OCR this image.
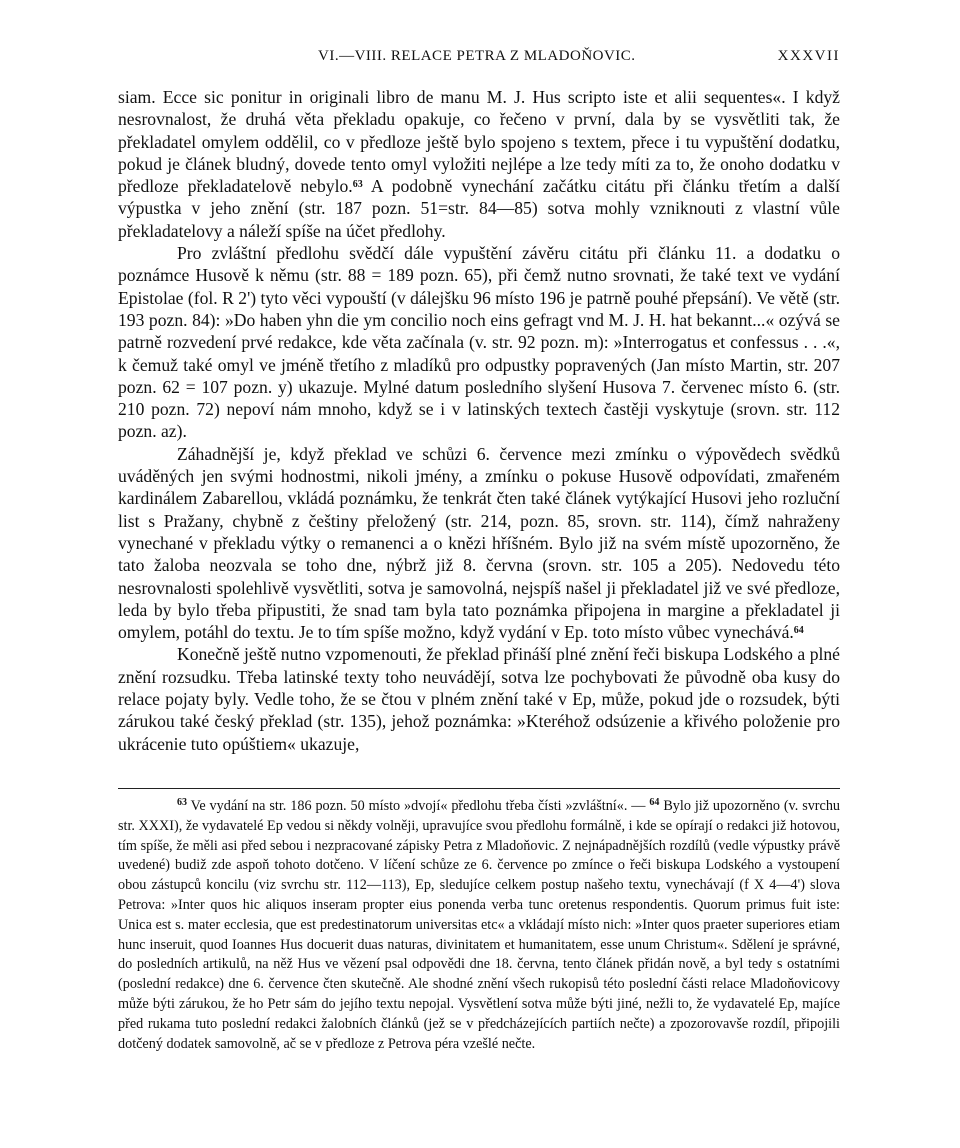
VI.—VIII. RELACE PETRA Z MLADOŇOVIC.	XXXVII

siam. Ecce sic ponitur in originali libro de manu M. J. Hus scripto iste et alii sequentes«. I když nesrovnalost, že druhá věta překladu opakuje, co řečeno v první, dala by se vysvětliti tak, že překladatel omylem oddělil, co v předloze ještě bylo spojeno s textem, přece i tu vypuštění dodatku, pokud je článek bludný, dovede tento omyl vyložiti nejlépe a lze tedy míti za to, že onoho dodatku v předloze překladatelově nebylo.$^{63}$ A podobně vynechání začátku citátu při článku třetím a další výpustka v jeho znění (str. 187 pozn. 51=str. 84—85) sotva mohly vzniknouti z vlastní vůle překladatelovy a náleží spíše na účet předlohy.

Pro zvláštní předlohu svědčí dále vypuštění závěru citátu při článku 11. a dodatku o poznámce Husově k němu (str. 88 = 189 pozn. 65), při čemž nutno srovnati, že také text ve vydání Epistolae (fol. R 2') tyto věci vypouští (v dálejšku 96 místo 196 je patrně pouhé přepsání). Ve větě (str. 193 pozn. 84): »Do haben yhn die ym concilio noch eins gefragt vnd M. J. H. hat bekannt...« ozývá se patrně rozvedení prvé redakce, kde věta začínala (v. str. 92 pozn. m): »Interrogatus et confessus . . .«, k čemuž také omyl ve jméně třetího z mladíků pro odpustky popravených (Jan místo Martin, str. 207 pozn. 62 = 107 pozn. y) ukazuje. Mylné datum posledního slyšení Husova 7. červenec místo 6. (str. 210 pozn. 72) nepoví nám mnoho, když se i v latinských textech častěji vyskytuje (srovn. str. 112 pozn. az).

Záhadnější je, když překlad ve schůzi 6. července mezi zmínku o výpovědech svědků uváděných jen svými hodnostmi, nikoli jmény, a zmínku o pokuse Husově odpovídati, zmařeném kardinálem Zabarellou, vkládá poznámku, že tenkrát čten také článek vytýkající Husovi jeho rozluční list s Pražany, chybně z češtiny přeložený (str. 214, pozn. 85, srovn. str. 114), čímž nahraženy vynechané v překladu výtky o remanenci a o knězi hříšném. Bylo již na svém místě upozorněno, že tato žaloba neozvala se toho dne, nýbrž již 8. června (srovn. str. 105 a 205). Nedovedu této nesrovnalosti spolehlivě vysvětliti, sotva je samovolná, nejspíš našel ji překladatel již ve své předloze, leda by bylo třeba připustiti, že snad tam byla tato poznámka připojena in margine a překladatel ji omylem, potáhl do textu. Je to tím spíše možno, když vydání v Ep. toto místo vůbec vynechává.$^{64}$

Konečně ještě nutno vzpomenouti, že překlad přináší plné znění řeči biskupa Lodského a plné znění rozsudku. Třeba latinské texty toho neuvádějí, sotva lze pochybovati že původně oba kusy do relace pojaty byly. Vedle toho, že se čtou v plném znění také v Ep, může, pokud jde o rozsudek, býti zárukou také český překlad (str. 135), jehož poznámka: »Kteréhož odsúzenie a křivého položenie pro ukrácenie tuto opúštiem« ukazuje,

$^{63}$ Ve vydání na str. 186 pozn. 50 místo »dvojí« předlohu třeba čísti »zvláštní«. — $^{64}$ Bylo již upozorněno (v. svrchu str. XXXI), že vydavatelé Ep vedou si někdy volněji, upravujíce svou předlohu formálně, i kde se opírají o redakci již hotovou, tím spíše, že měli asi před sebou i nezpracované zápisky Petra z Mladoňovic. Z nejnápadnějších rozdílů (vedle výpustky právě uvedené) budiž zde aspoň tohoto dotčeno. V líčení schůze ze 6. července po zmínce o řeči biskupa Lodského a vystoupení obou zástupců koncilu (viz svrchu str. 112—113), Ep, sledujíce celkem postup našeho textu, vynechávají (f X 4—4') slova Petrova: »Inter quos hic aliquos inseram propter eius ponenda verba tunc oretenus respondentis. Quorum primus fuit iste: Unica est s. mater ecclesia, que est predestinatorum universitas etc« a vkládají místo nich: »Inter quos praeter superiores etiam hunc inseruit, quod Ioannes Hus docuerit duas naturas, divinitatem et humanitatem, esse unum Christum«. Sdělení je správné, do posledních artikulů, na něž Hus ve vězení psal odpovědi dne 18. června, tento článek přidán nově, a byl tedy s ostatními (poslední redakce) dne 6. července čten skutečně. Ale shodné znění všech rukopisů této poslední části relace Mladoňovicovy může býti zárukou, že ho Petr sám do jejího textu nepojal. Vysvětlení sotva může býti jiné, nežli to, že vydavatelé Ep, majíce před rukama tuto poslední redakci žalobních článků (jež se v předcházejících partiích nečte) a zpozorovavše rozdíl, připojili dotčený dodatek samovolně, ač se v předloze z Petrova péra vzešlé nečte.
